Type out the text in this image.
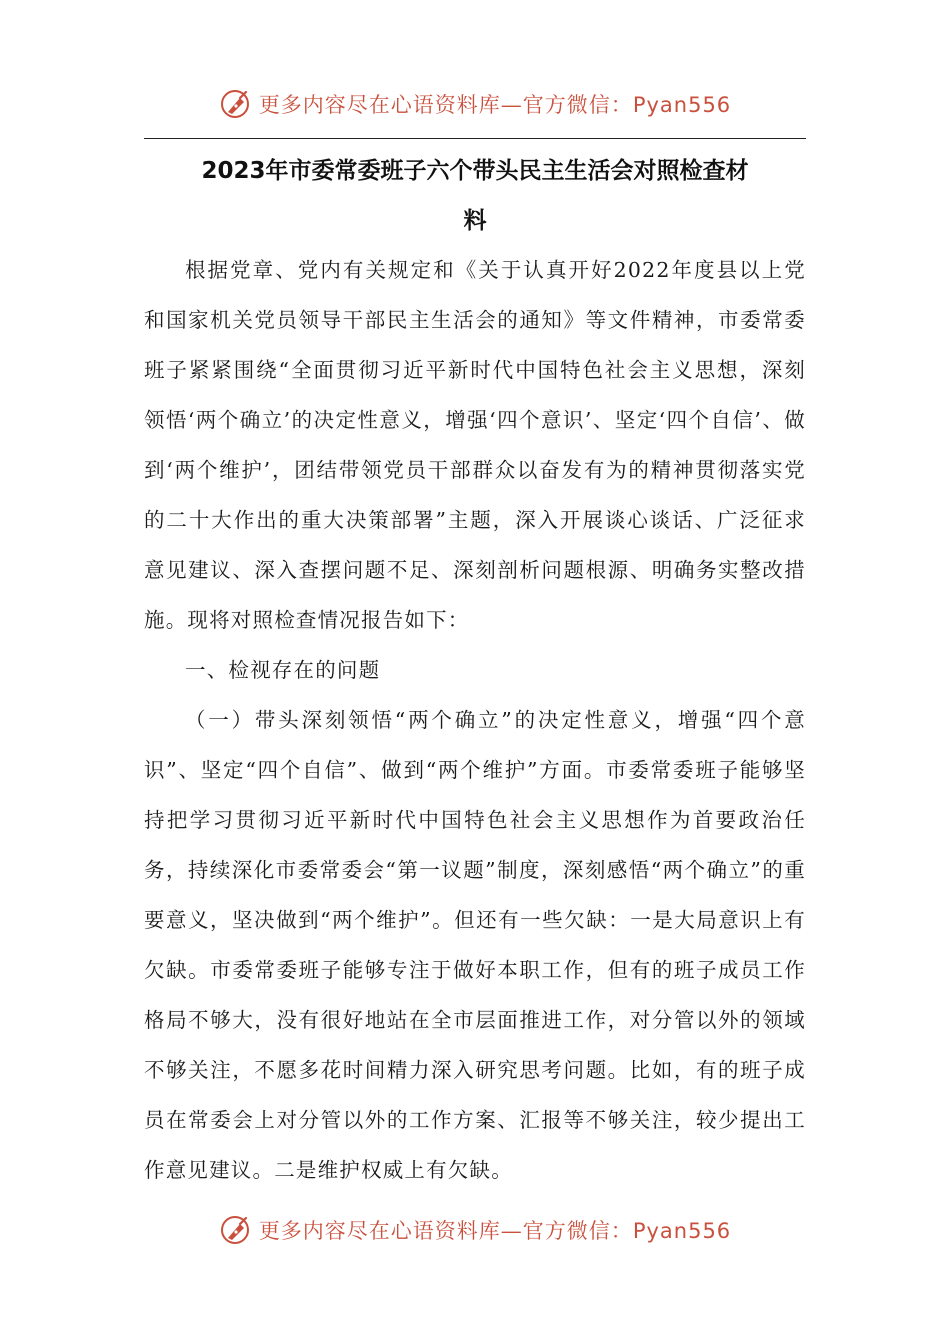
更多内容尽在心语资料库—官方微信：Pyan556
2023年市委常委班子六个带头民主生活会对照检查材
料

根据党章、党内有关规定和《关于认真开好2022年度县以上党和国家机关党员领导干部民主生活会的通知》等文件精神，市委常委班子紧紧围绕“全面贯彻习近平新时代中国特色社会主义思想，深刻领悟‘两个确立’的决定性意义，增强‘四个意识’、坚定‘四个自信’、做到‘两个维护’，团结带领党员干部群众以奋发有为的精神贯彻落实党的二十大作出的重大决策部署”主题，深入开展谈心谈话、广泛征求意见建议、深入查摆问题不足、深刻剖析问题根源、明确务实整改措施。现将对照检查情况报告如下：

一、检视存在的问题

（一）带头深刻领悟“两个确立”的决定性意义，增强“四个意识”、坚定“四个自信”、做到“两个维护”方面。市委常委班子能够坚持把学习贯彻习近平新时代中国特色社会主义思想作为首要政治任务，持续深化市委常委会“第一议题”制度，深刻感悟“两个确立”的重要意义，坚决做到“两个维护”。但还有一些欠缺：一是大局意识上有欠缺。市委常委班子能够专注于做好本职工作，但有的班子成员工作格局不够大，没有很好地站在全市层面推进工作，对分管以外的领域不够关注，不愿多花时间精力深入研究思考问题。比如，有的班子成员在常委会上对分管以外的工作方案、汇报等不够关注，较少提出工作意见建议。二是维护权威上有欠缺。

更多内容尽在心语资料库—官方微信：Pyan556
